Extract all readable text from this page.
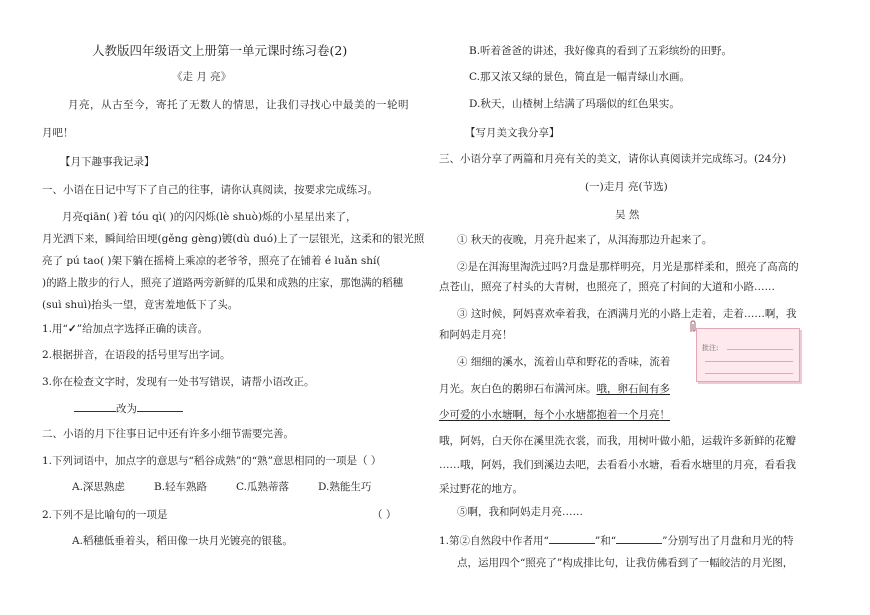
人教版四年级语文上册第一单元课时练习卷(2)
《走 月 亮》
月亮，从古至今，寄托了无数人的情思，让我们寻找心中最美的一轮明
月吧！
【月下趣事我记录】
一、小语在日记中写下了自己的往事，请你认真阅读，按要求完成练习。
月亮qiān( )着 tóu qì( )的闪闪烁(lè shuò)烁的小星星出来了，
月光洒下来，瞬间给田埂(gěng gèng)镀(dù duó)上了一层银光，这柔和的银光照
亮了 pú tao( )架下躺在摇椅上乘凉的老爷爷，照亮了在铺着 é luǎn shí(
)的路上散步的行人，照亮了道路两旁新鲜的瓜果和成熟的庄家，那饱满的稻穗
(suì shuì)抬头一望，竟害羞地低下了头。
1.用“✓”给加点字选择正确的读音。
2.根据拼音，在语段的括号里写出字词。
3.你在检查文字时，发现有一处书写错误，请帮小语改正。
改为
二、小语的月下往事日记中还有许多小细节需要完善。
1.下列词语中，加点字的意思与“稻谷成熟”的“熟”意思相同的一项是（ ）
A.深思熟虑	B.轻车熟路	C.瓜熟蒂落	D.熟能生巧
2.下列不是比喻句的一项是	（ ）
A.稻穗低垂着头，稻田像一块月光镀亮的银毯。
B.听着爸爸的讲述，我好像真的看到了五彩缤纷的田野。
C.那又浓又绿的景色，简直是一幅青绿山水画。
D.秋天，山楂树上结满了玛瑙似的红色果实。
【写月美文我分享】
三、小语分享了两篇和月亮有关的美文，请你认真阅读并完成练习。(24分)
(一)走月 亮(节选)
吴 然
① 秋天的夜晚，月亮升起来了，从洱海那边升起来了。
②是在洱海里淘洗过吗?月盘是那样明亮，月光是那样柔和，照亮了高高的
点苍山，照亮了村头的大青树，也照亮了，照亮了村间的大道和小路……
③ 这时候，阿妈喜欢牵着我，在洒满月光的小路上走着，走着……啊，我
和阿妈走月亮！
④ 细细的溪水，流着山草和野花的香味，流着
月光。灰白色的鹅卵石布满河床。哦，卵石间有多
少可爱的小水塘啊，每个小水塘都抱着一个月亮！
哦，阿妈，白天你在溪里洗衣裳，而我，用树叶做小船，运载许多新鲜的花瓣
……哦，阿妈，我们到溪边去吧，去看看小水塘，看看水塘里的月亮，看看我
采过野花的地方。
⑤啊，我和阿妈走月亮……
1.第②自然段中作者用“	”和“	”分别写出了月盘和月光的特
点，运用四个“照亮了”构成排比句，让我仿佛看到了一幅皎洁的月光图，
批注:
